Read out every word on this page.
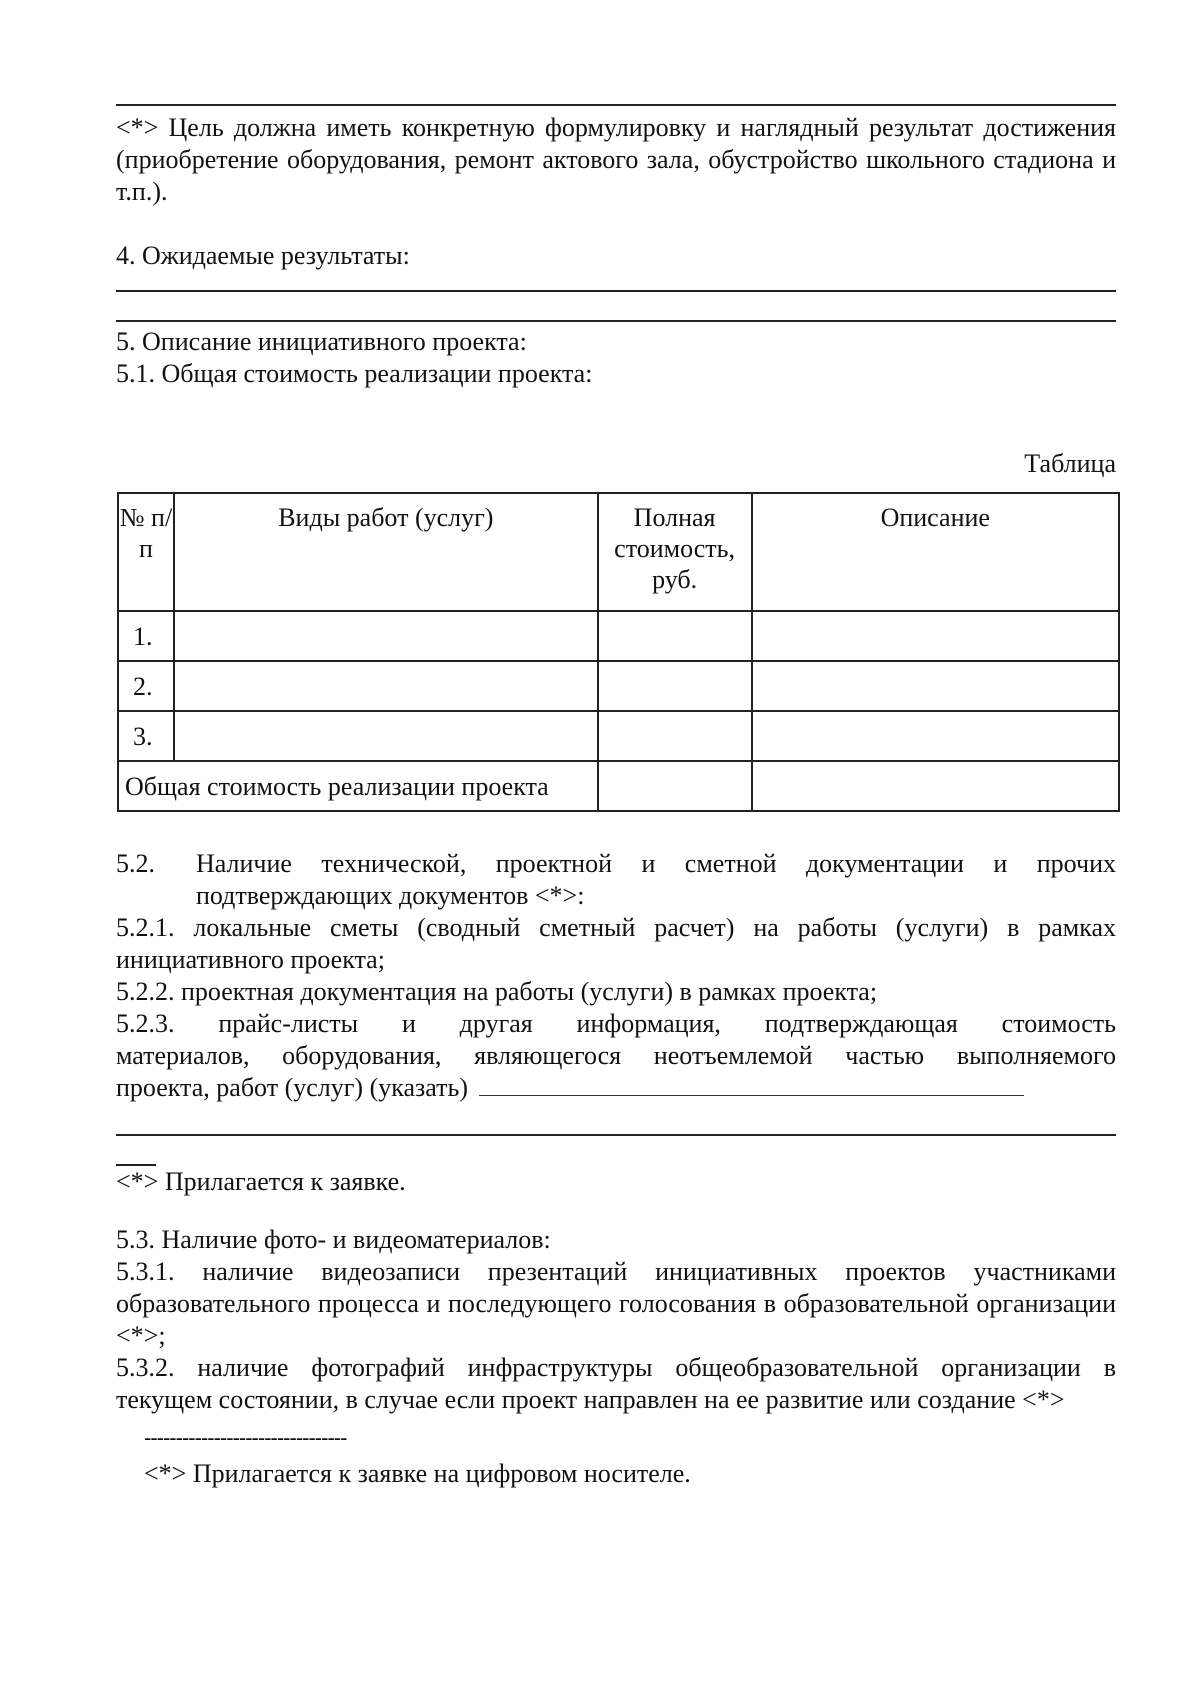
<*> Цель должна иметь конкретную формулировку и наглядный результат достижения (приобретение оборудования, ремонт актового зала, обустройство школьного стадиона и т.п.).
4. Ожидаемые результаты:
5. Описание инициативного проекта:
5.1. Общая стоимость реализации проекта:
Таблица
№ п/п	Виды работ (услуг)	Полная стоимость, руб.	Описание
1.			
2.			
3.			
Общая стоимость реализации проекта			
5.2.	Наличие технической, проектной и сметной документации и прочих подтверждающих документов <*>:
5.2.1. локальные сметы (сводный сметный расчет) на работы (услуги) в рамках инициативного проекта;
5.2.2. проектная документация на работы (услуги) в рамках проекта;
5.2.3. прайс-листы и другая информация, подтверждающая стоимость
материалов, оборудования, являющегося неотъемлемой частью выполняемого
проекта, работ (услуг) (указать)
<*> Прилагается к заявке.
5.3. Наличие фото- и видеоматериалов:
5.3.1. наличие видеозаписи презентаций инициативных проектов участниками образовательного процесса и последующего голосования в образовательной организации <*>;
5.3.2. наличие фотографий инфраструктуры общеобразовательной организации в текущем состоянии, в случае если проект направлен на ее развитие или создание <*>
--------------------------------
<*> Прилагается к заявке на цифровом носителе.
